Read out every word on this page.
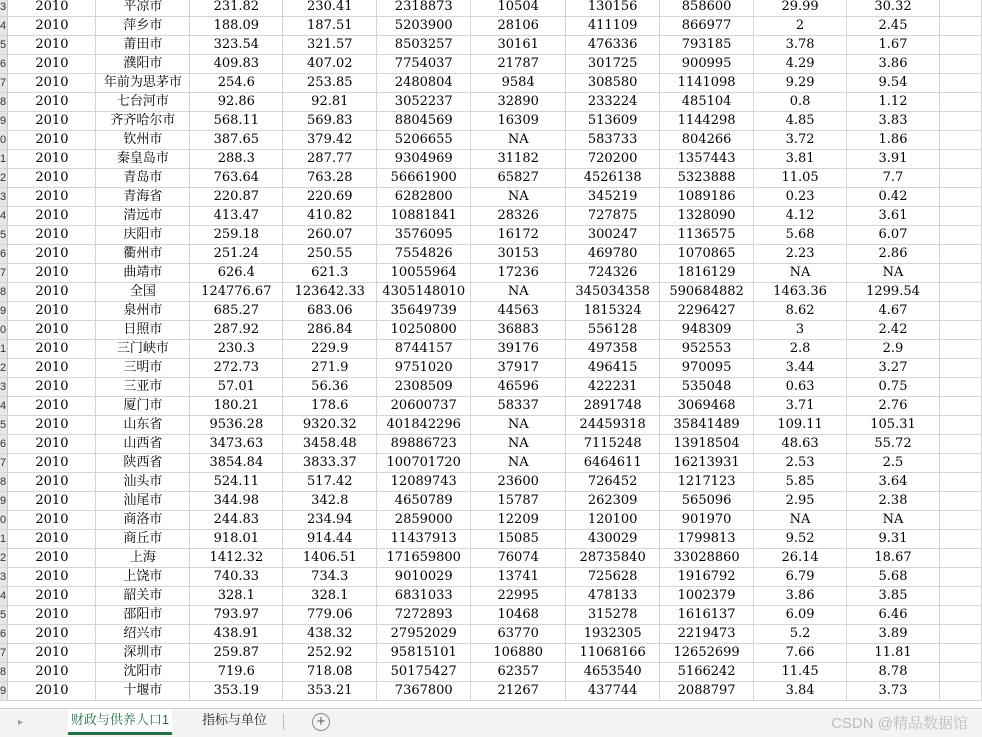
3	2010	平凉市	231.82	230.41	2318873	10504	130156	858600	29.99	30.32	
4	2010	萍乡市	188.09	187.51	5203900	28106	411109	866977	2	2.45	
5	2010	莆田市	323.54	321.57	8503257	30161	476336	793185	3.78	1.67	
6	2010	濮阳市	409.83	407.02	7754037	21787	301725	900995	4.29	3.86	
7	2010	年前为思茅市	254.6	253.85	2480804	9584	308580	1141098	9.29	9.54	
8	2010	七台河市	92.86	92.81	3052237	32890	233224	485104	0.8	1.12	
9	2010	齐齐哈尔市	568.11	569.83	8804569	16309	513609	1144298	4.85	3.83	
0	2010	钦州市	387.65	379.42	5206655	NA	583733	804266	3.72	1.86	
1	2010	秦皇岛市	288.3	287.77	9304969	31182	720200	1357443	3.81	3.91	
2	2010	青岛市	763.64	763.28	56661900	65827	4526138	5323888	11.05	7.7	
3	2010	青海省	220.87	220.69	6282800	NA	345219	1089186	0.23	0.42	
4	2010	清远市	413.47	410.82	10881841	28326	727875	1328090	4.12	3.61	
5	2010	庆阳市	259.18	260.07	3576095	16172	300247	1136575	5.68	6.07	
6	2010	衢州市	251.24	250.55	7554826	30153	469780	1070865	2.23	2.86	
7	2010	曲靖市	626.4	621.3	10055964	17236	724326	1816129	NA	NA	
8	2010	全国	124776.67	123642.33	4305148010	NA	345034358	590684882	1463.36	1299.54	
9	2010	泉州市	685.27	683.06	35649739	44563	1815324	2296427	8.62	4.67	
0	2010	日照市	287.92	286.84	10250800	36883	556128	948309	3	2.42	
1	2010	三门峡市	230.3	229.9	8744157	39176	497358	952553	2.8	2.9	
2	2010	三明市	272.73	271.9	9751020	37917	496415	970095	3.44	3.27	
3	2010	三亚市	57.01	56.36	2308509	46596	422231	535048	0.63	0.75	
4	2010	厦门市	180.21	178.6	20600737	58337	2891748	3069468	3.71	2.76	
5	2010	山东省	9536.28	9320.32	401842296	NA	24459318	35841489	109.11	105.31	
6	2010	山西省	3473.63	3458.48	89886723	NA	7115248	13918504	48.63	55.72	
7	2010	陕西省	3854.84	3833.37	100701720	NA	6464611	16213931	2.53	2.5	
8	2010	汕头市	524.11	517.42	12089743	23600	726452	1217123	5.85	3.64	
9	2010	汕尾市	344.98	342.8	4650789	15787	262309	565096	2.95	2.38	
0	2010	商洛市	244.83	234.94	2859000	12209	120100	901970	NA	NA	
1	2010	商丘市	918.01	914.44	11437913	15085	430029	1799813	9.52	9.31	
2	2010	上海	1412.32	1406.51	171659800	76074	28735840	33028860	26.14	18.67	
3	2010	上饶市	740.33	734.3	9010029	13741	725628	1916792	6.79	5.68	
4	2010	韶关市	328.1	328.1	6831033	22995	478133	1002379	3.86	3.85	
5	2010	邵阳市	793.97	779.06	7272893	10468	315278	1616137	6.09	6.46	
6	2010	绍兴市	438.91	438.32	27952029	63770	1932305	2219473	5.2	3.89	
7	2010	深圳市	259.87	252.92	95815101	106880	11068166	12652699	7.66	11.81	
8	2010	沈阳市	719.6	718.08	50175427	62357	4653540	5166242	11.45	8.78	
9	2010	十堰市	353.19	353.21	7367800	21267	437744	2088797	3.84	3.73	
▸	财政与供养人口1	指标与单位	+	CSDN @精品数据馆
